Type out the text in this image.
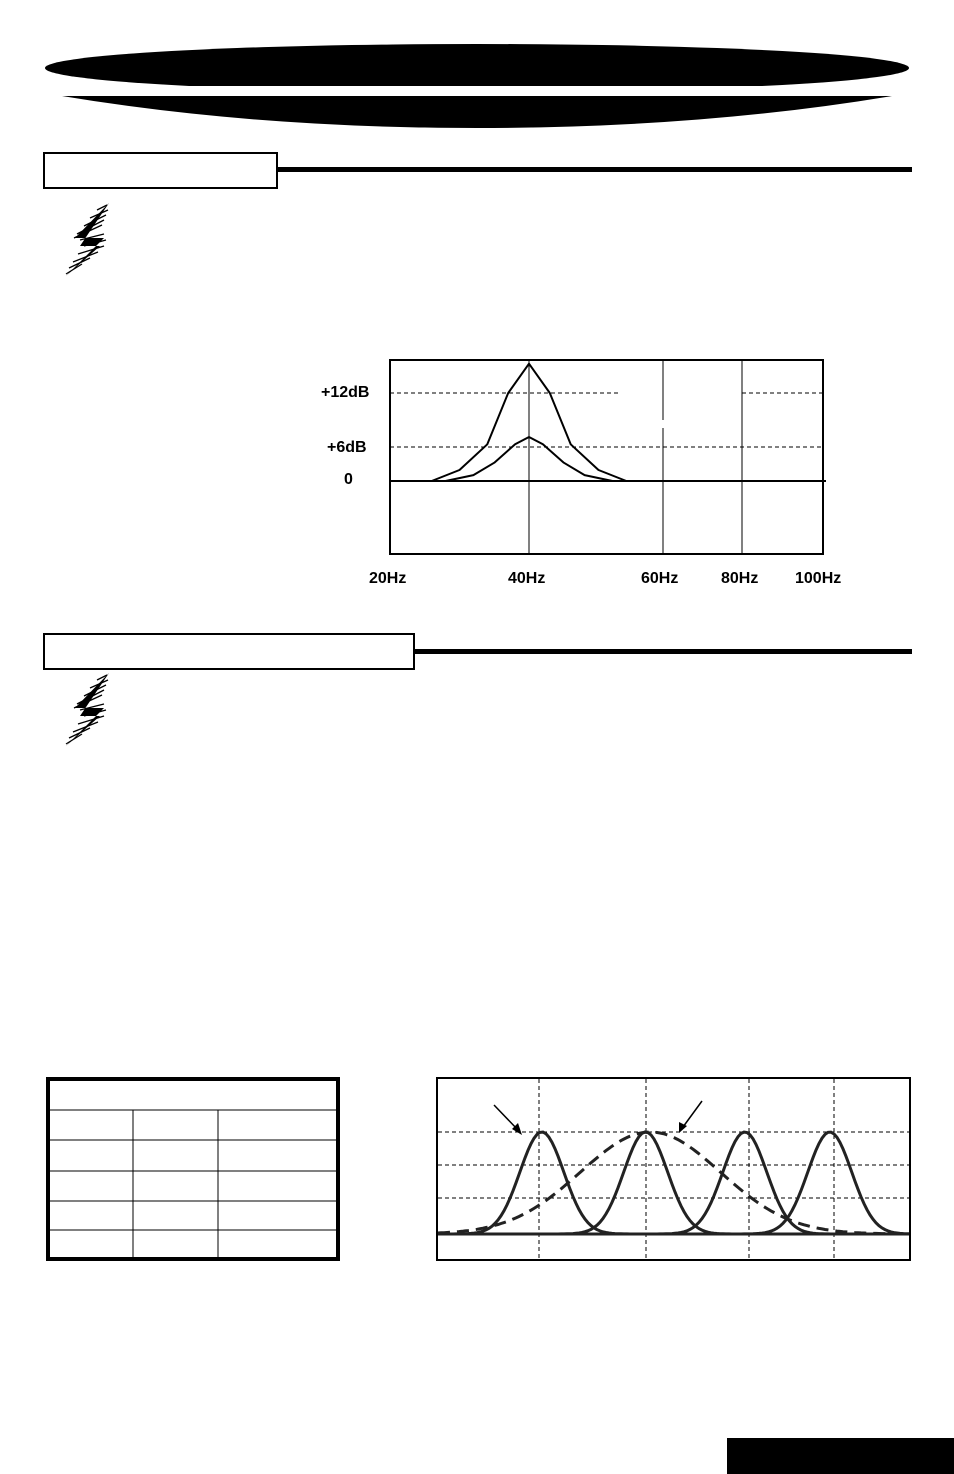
+12dB
+6dB
0
20Hz	40Hz	60Hz	80Hz 100Hz
